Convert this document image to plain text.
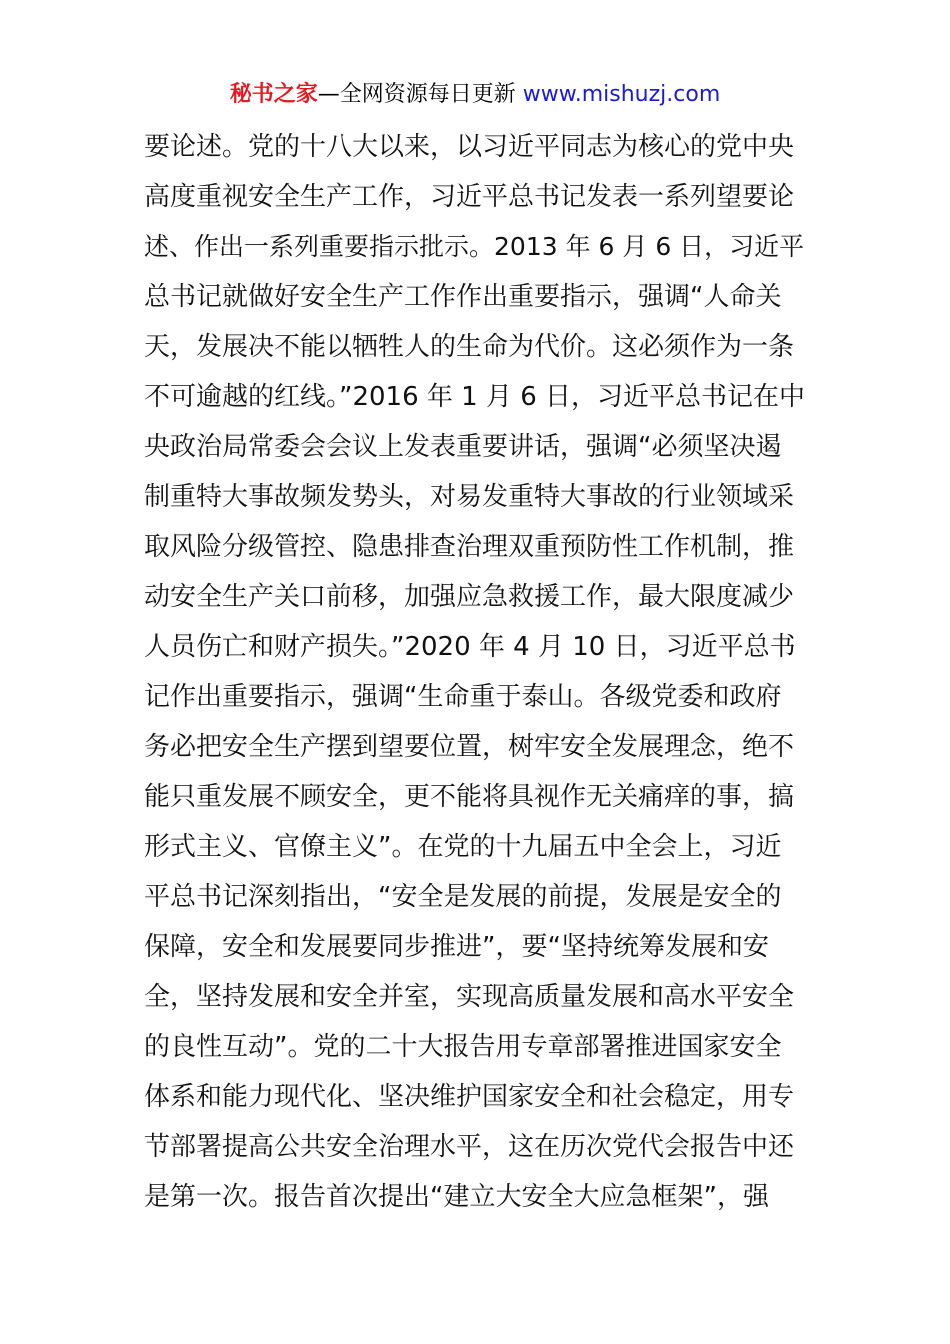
秘书之家—全网资源每日更新 www.mishuzj.com
要论述。党的十八大以来，以习近平同志为核心的党中央
高度重视安全生产工作，习近平总书记发表一系列望要论
述、作出一系列重要指示批示。2013 年 6 月 6 日，习近平
总书记就做好安全生产工作作出重要指示，强调“人命关
天，发展决不能以牺牲人的生命为代价。这必须作为一条
不可逾越的红线。”2016 年 1 月 6 日，习近平总书记在中
央政治局常委会会议上发表重要讲话，强调“必须坚决遏
制重特大事故频发势头，对易发重特大事故的行业领域采
取风险分级管控、隐患排查治理双重预防性工作机制，推
动安全生产关口前移，加强应急救援工作，最大限度减少
人员伤亡和财产损失。”2020 年 4 月 10 日，习近平总书
记作出重要指示，强调“生命重于泰山。各级党委和政府
务必把安全生产摆到望要位置，树牢安全发展理念，绝不
能只重发展不顾安全，更不能将具视作无关痛痒的事，搞
形式主义、官僚主义”。在党的十九届五中全会上，习近
平总书记深刻指出，“安全是发展的前提，发展是安全的
保障，安全和发展要同步推进”，要“坚持统筹发展和安
全，坚持发展和安全并室，实现高质量发展和高水平安全
的良性互动”。党的二十大报告用专章部署推进国家安全
体系和能力现代化、坚决维护国家安全和社会稳定，用专
节部署提高公共安全治理水平，这在历次党代会报告中还
是第一次。报告首次提出“建立大安全大应急框架”，强
